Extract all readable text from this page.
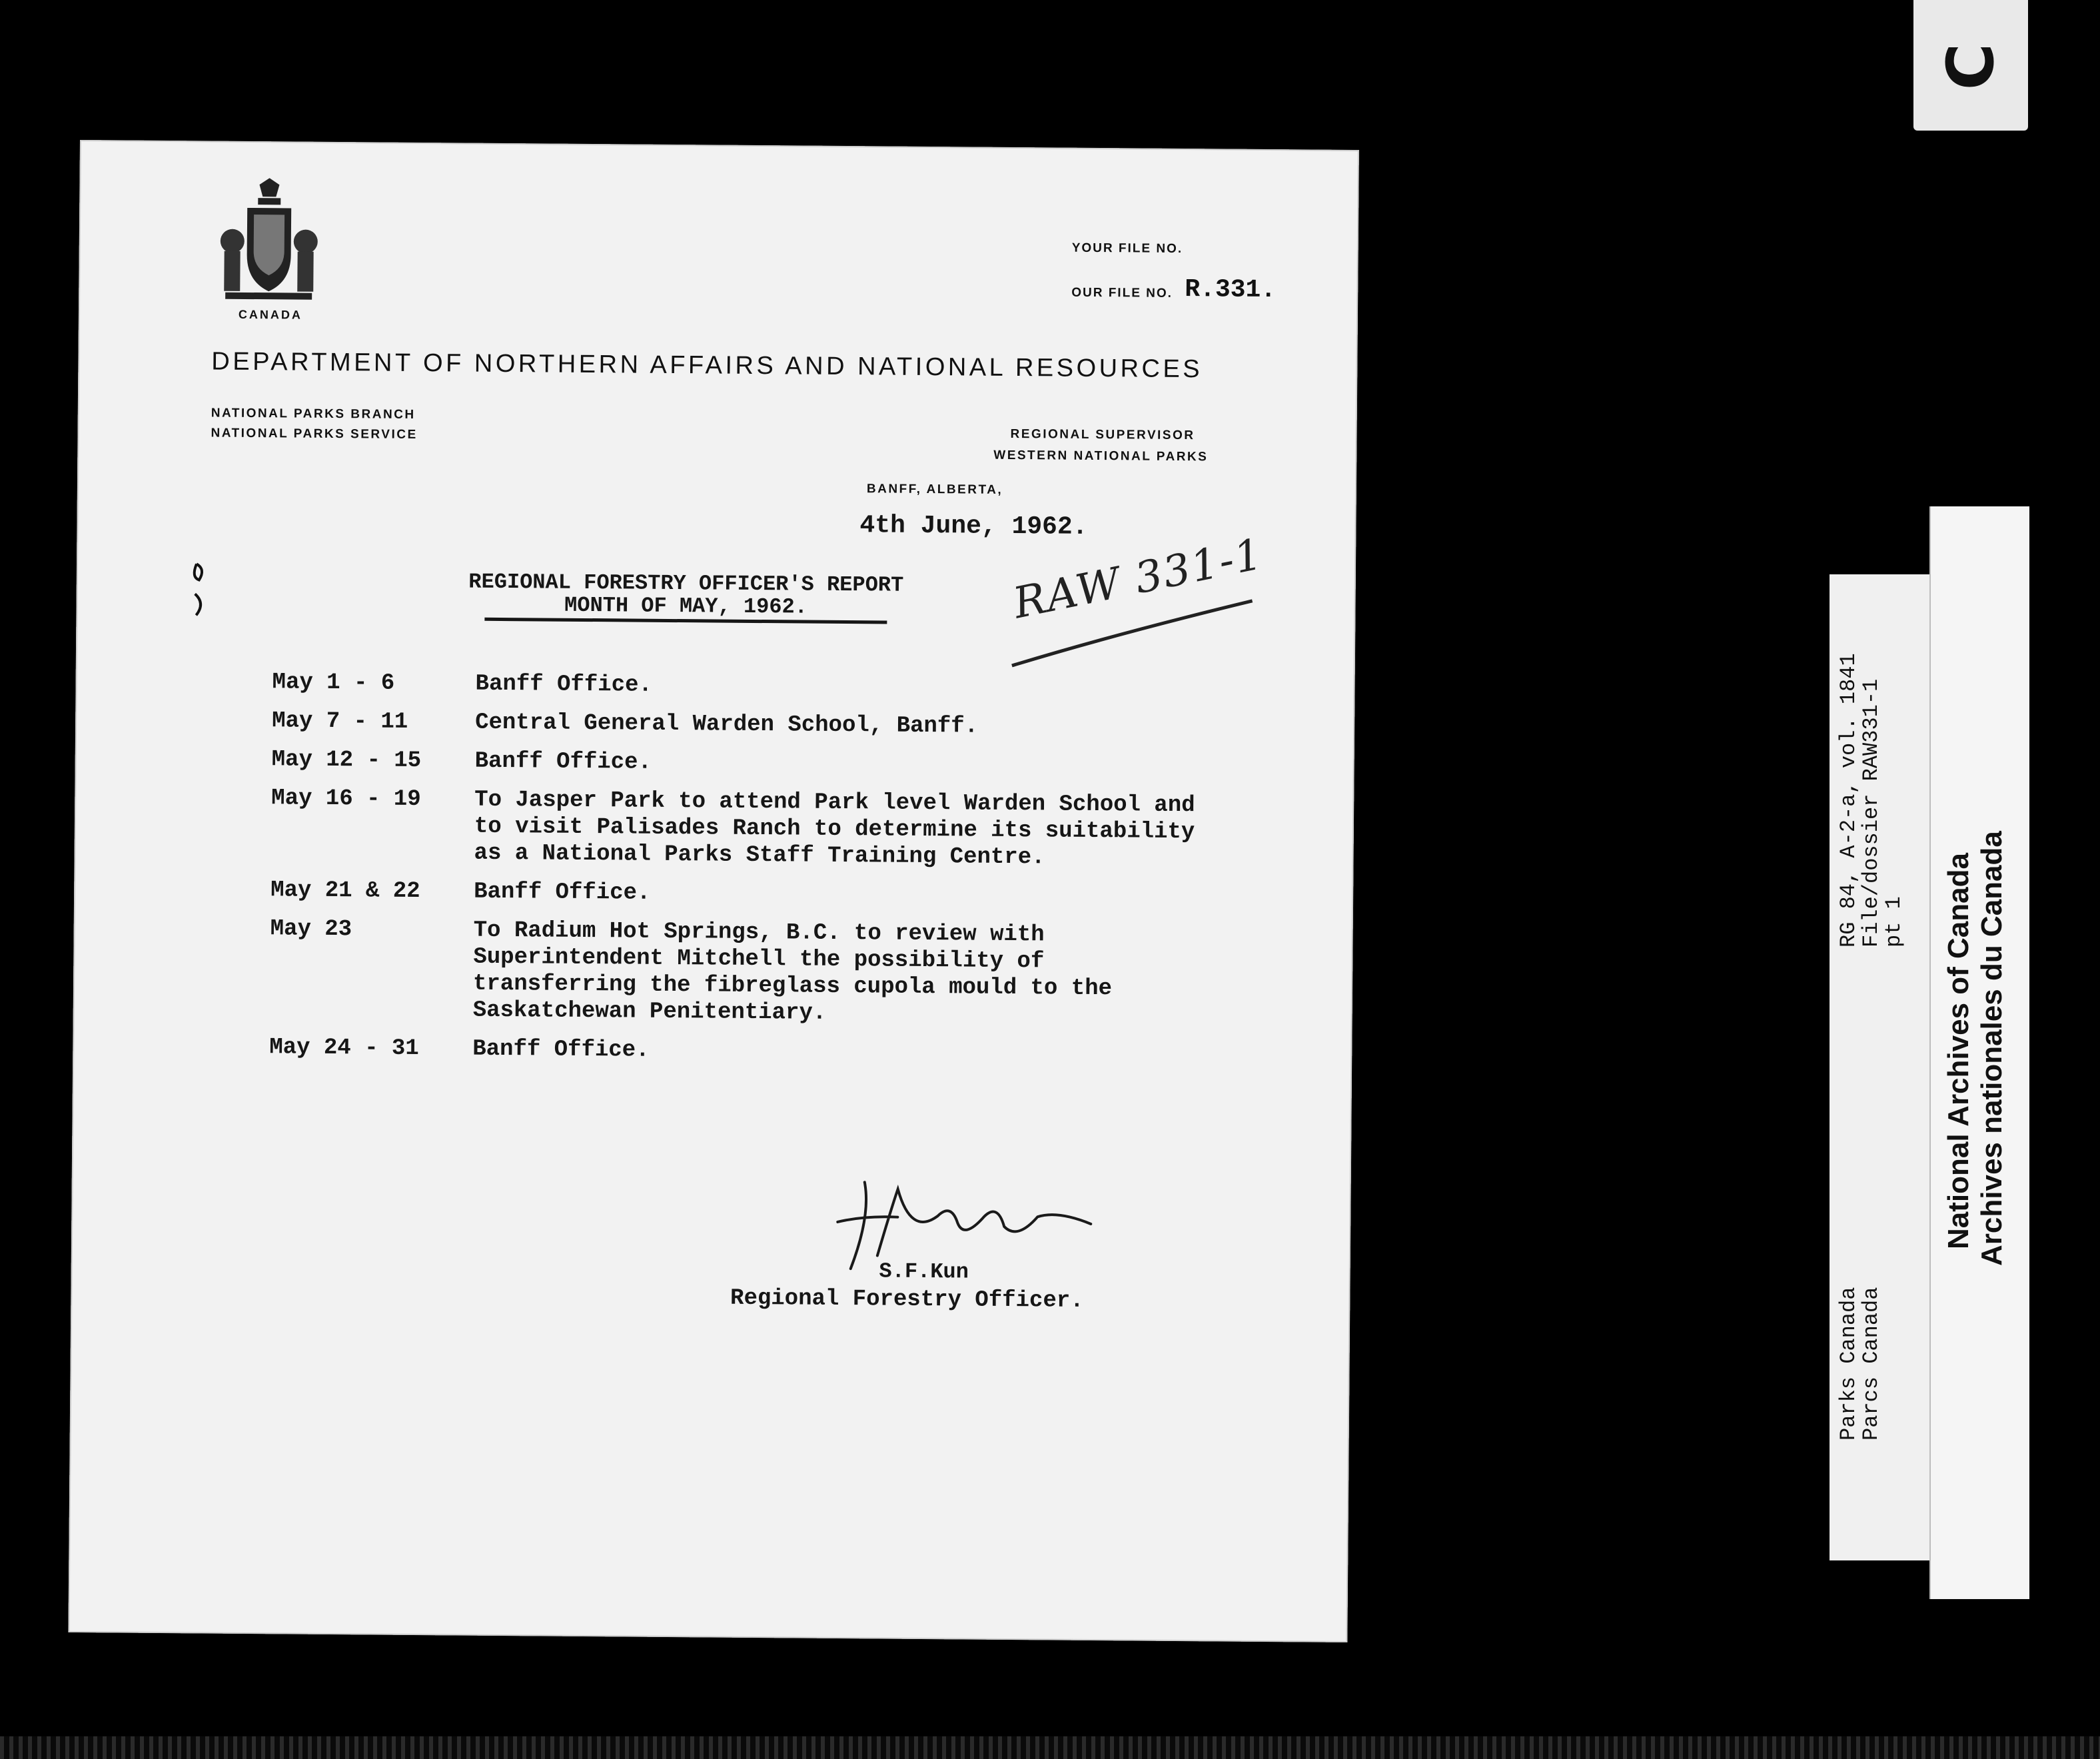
C
CANADA
YOUR FILE NO.
OUR FILE NO. R.331.
DEPARTMENT OF NORTHERN AFFAIRS AND NATIONAL RESOURCES
NATIONAL PARKS BRANCH
NATIONAL PARKS SERVICE	REGIONAL SUPERVISOR
WESTERN NATIONAL PARKS
BANFF, ALBERTA,
4th June, 1962.
REGIONAL FORESTRY OFFICER'S REPORT
MONTH OF MAY, 1962.	RAW 331-1
May 1 - 6	Banff Office.
May 7 - 11	Central General Warden School, Banff.
May 12 - 15	Banff Office.
May 16 - 19	To Jasper Park to attend Park level Warden School and to visit Palisades Ranch to determine its suitability as a National Parks Staff Training Centre.
May 21 & 22	Banff Office.
May 23	To Radium Hot Springs, B.C. to review with Superintendent Mitchell the possibility of transferring the fibreglass cupola mould to the Saskatchewan Penitentiary.
May 24 - 31	Banff Office.
S.F.Kun
Regional Forestry Officer.
RG 84, A-2-a, vol. 1841
File/dossier RAW331-1
pt 1
Parks Canada
Parcs Canada
National Archives of Canada Archives nationales du Canada
